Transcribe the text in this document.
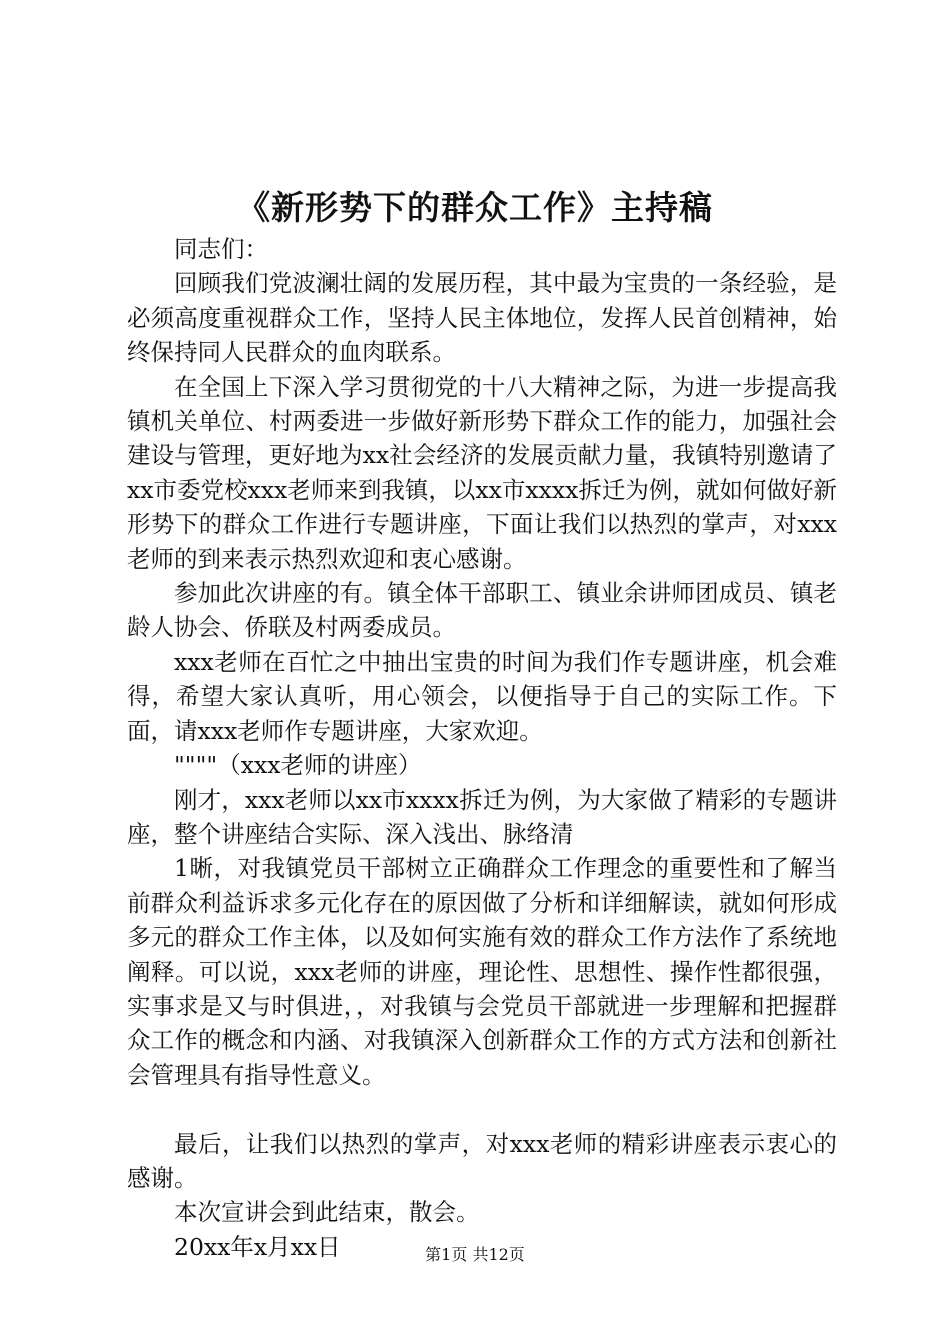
《新形势下的群众工作》主持稿

同志们：

回顾我们党波澜壮阔的发展历程，其中最为宝贵的一条经验，是必须高度重视群众工作，坚持人民主体地位，发挥人民首创精神，始终保持同人民群众的血肉联系。

在全国上下深入学习贯彻党的十八大精神之际，为进一步提高我镇机关单位、村两委进一步做好新形势下群众工作的能力，加强社会建设与管理，更好地为xx社会经济的发展贡献力量，我镇特别邀请了xx市委党校xxx老师来到我镇，以xx市xxxx拆迁为例，就如何做好新形势下的群众工作进行专题讲座，下面让我们以热烈的掌声，对xxx老师的到来表示热烈欢迎和衷心感谢。

参加此次讲座的有。镇全体干部职工、镇业余讲师团成员、镇老龄人协会、侨联及村两委成员。

xxx老师在百忙之中抽出宝贵的时间为我们作专题讲座，机会难得，希望大家认真听，用心领会，以便指导于自己的实际工作。下面，请xxx老师作专题讲座，大家欢迎。

""""（xxx老师的讲座）

刚才，xxx老师以xx市xxxx拆迁为例，为大家做了精彩的专题讲座，整个讲座结合实际、深入浅出、脉络清

1晰，对我镇党员干部树立正确群众工作理念的重要性和了解当前群众利益诉求多元化存在的原因做了分析和详细解读，就如何形成多元的群众工作主体，以及如何实施有效的群众工作方法作了系统地阐释。可以说，xxx老师的讲座，理论性、思想性、操作性都很强，实事求是又与时俱进，，对我镇与会党员干部就进一步理解和把握群众工作的概念和内涵、对我镇深入创新群众工作的方式方法和创新社会管理具有指导性意义。

最后，让我们以热烈的掌声，对xxx老师的精彩讲座表示衷心的感谢。

本次宣讲会到此结束，散会。

20xx年x月xx日	第1页 共12页
